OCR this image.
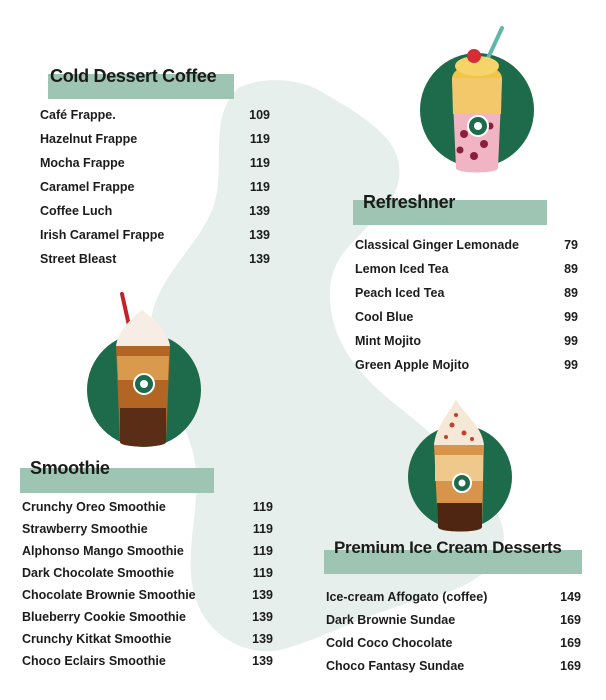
Cold Dessert Coffee
Café Frappe.	109
Hazelnut Frappe	119
Mocha Frappe	119
Caramel Frappe	119
Coffee Luch	139
Irish Caramel Frappe	139
Street Bleast	139
Refreshner
Classical Ginger Lemonade	79
Lemon Iced Tea	89
Peach Iced Tea	89
Cool Blue	99
Mint Mojito	99
Green Apple Mojito	99
Smoothie
Crunchy Oreo Smoothie	119
Strawberry Smoothie	119
Alphonso Mango Smoothie	119
Dark Chocolate Smoothie	119
Chocolate Brownie Smoothie	139
Blueberry Cookie Smoothie	139
Crunchy Kitkat Smoothie	139
Choco Eclairs Smoothie	139
Premium Ice Cream Desserts
Ice-cream Affogato (coffee)	149
Dark Brownie Sundae	169
Cold Coco Chocolate	169
Choco Fantasy Sundae	169
